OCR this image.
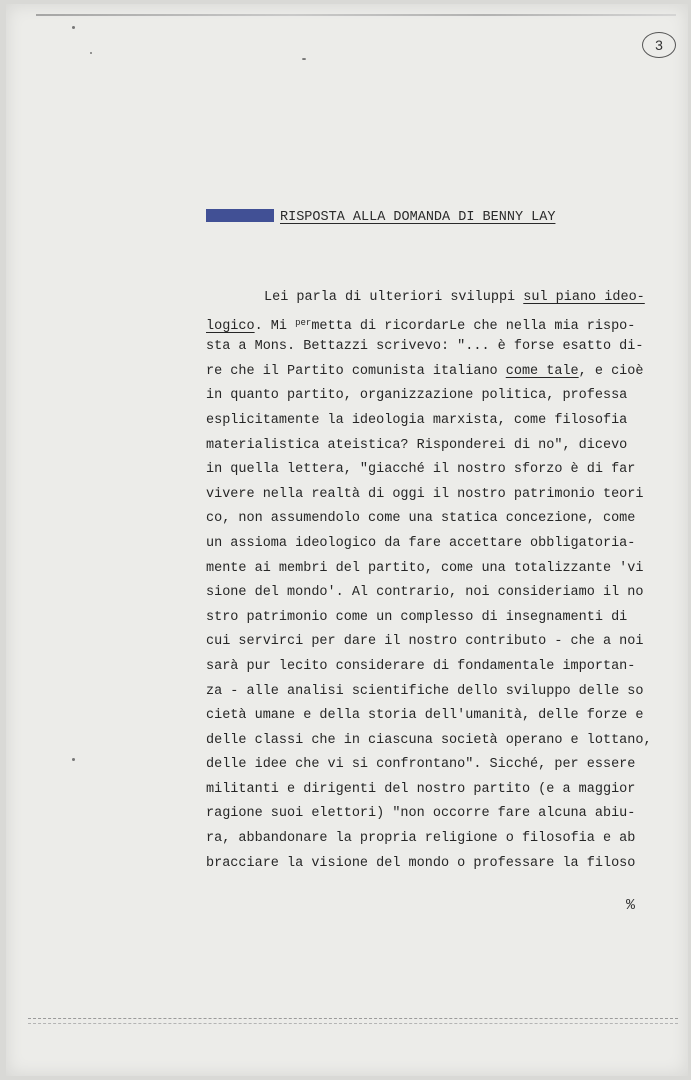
3
RISPOSTA ALLA DOMANDA DI BENNY LAY
Lei parla di ulteriori sviluppi sul piano ideo-
logico. Mi $^{per}$metta di ricordarLe che nella mia rispo-
sta a Mons. Bettazzi scrivevo: "... è forse esatto di-
re che il Partito comunista italiano come tale, e cioè
in quanto partito, organizzazione politica, professa
esplicitamente la ideologia marxista, come filosofia
materialistica ateistica? Risponderei di no", dicevo
in quella lettera, "giacché il nostro sforzo è di far
vivere nella realtà di oggi il nostro patrimonio teori
co, non assumendolo come una statica concezione, come
un assioma ideologico da fare accettare obbligatoria-
mente ai membri del partito, come una totalizzante 'vi
sione del mondo'. Al contrario, noi consideriamo il no
stro patrimonio come un complesso di insegnamenti di
cui servirci per dare il nostro contributo - che a noi
sarà pur lecito considerare di fondamentale importan-
za - alle analisi scientifiche dello sviluppo delle so
cietà umane e della storia dell'umanità, delle forze e
delle classi che in ciascuna società operano e lottano,
delle idee che vi si confrontano". Sicché, per essere
militanti e dirigenti del nostro partito (e a maggior
ragione suoi elettori) "non occorre fare alcuna abiu-
ra, abbandonare la propria religione o filosofia e ab
bracciare la visione del mondo o professare la filoso
%
